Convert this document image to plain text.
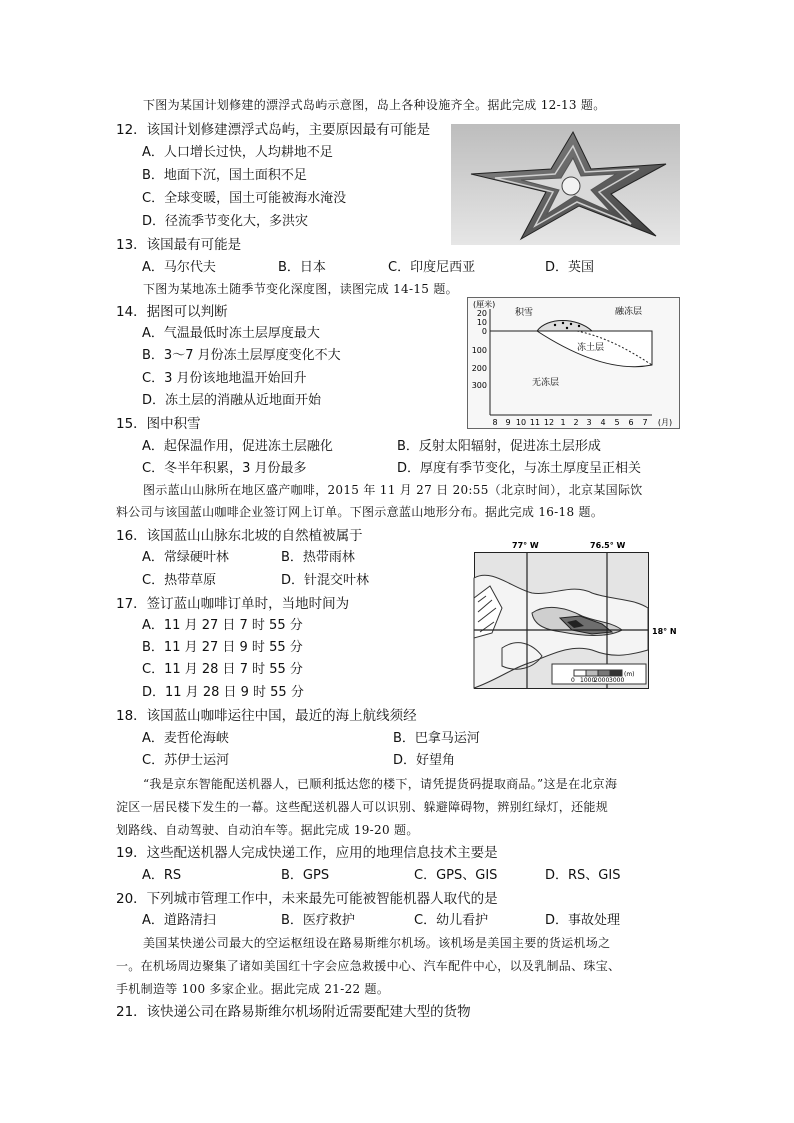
下图为某国计划修建的漂浮式岛屿示意图，岛上各种设施齐全。据此完成 12-13 题。
12．该国计划修建漂浮式岛屿，主要原因最有可能是
A．人口增长过快，人均耕地不足
B．地面下沉，国土面积不足
C．全球变暖，国土可能被海水淹没
D．径流季节变化大，多洪灾
13．该国最有可能是
A．马尔代夫	B．日本	C．印度尼西亚	D．英国
下图为某地冻土随季节变化深度图，读图完成 14-15 题。
14．据图可以判断
A．气温最低时冻土层厚度最大
B．3～7 月份冻土层厚度变化不大
C．3 月份该地地温开始回升
D．冻土层的消融从近地面开始
(厘米)
20
10
0
100
200
300
积雪	融冻层
冻土层
无冻层
8 9 10 11 12 1 2 3 4 5 6 7 (月)
15．图中积雪
A．起保温作用，促进冻土层融化	B．反射太阳辐射，促进冻土层形成
C．冬半年积累，3 月份最多	D．厚度有季节变化，与冻土厚度呈正相关
图示蓝山山脉所在地区盛产咖啡，2015 年 11 月 27 日 20:55（北京时间），北京某国际饮
料公司与该国蓝山咖啡企业签订网上订单。下图示意蓝山地形分布。据此完成 16-18 题。
16．该国蓝山山脉东北坡的自然植被属于
A．常绿硬叶林	B．热带雨林
C．热带草原	D．针混交叶林
77° W	76.5° W
18° N
0 1000
2000 3000
(m)
17．签订蓝山咖啡订单时，当地时间为
A．11 月 27 日 7 时 55 分
B．11 月 27 日 9 时 55 分
C．11 月 28 日 7 时 55 分
D．11 月 28 日 9 时 55 分
18．该国蓝山咖啡运往中国，最近的海上航线须经
A．麦哲伦海峡	B．巴拿马运河
C．苏伊士运河	D．好望角
“我是京东智能配送机器人，已顺利抵达您的楼下，请凭提货码提取商品。”这是在北京海
淀区一居民楼下发生的一幕。这些配送机器人可以识别、躲避障碍物，辨别红绿灯，还能规
划路线、自动驾驶、自动泊车等。据此完成 19-20 题。
19．这些配送机器人完成快递工作，应用的地理信息技术主要是
A．RS	B．GPS	C．GPS、GIS	D．RS、GIS
20．下列城市管理工作中，未来最先可能被智能机器人取代的是
A．道路清扫	B．医疗救护	C．幼儿看护	D．事故处理
美国某快递公司最大的空运枢纽设在路易斯维尔机场。该机场是美国主要的货运机场之
一。在机场周边聚集了诸如美国红十字会应急救援中心、汽车配件中心，以及乳制品、珠宝、
手机制造等 100 多家企业。据此完成 21-22 题。
21．该快递公司在路易斯维尔机场附近需要配建大型的货物
